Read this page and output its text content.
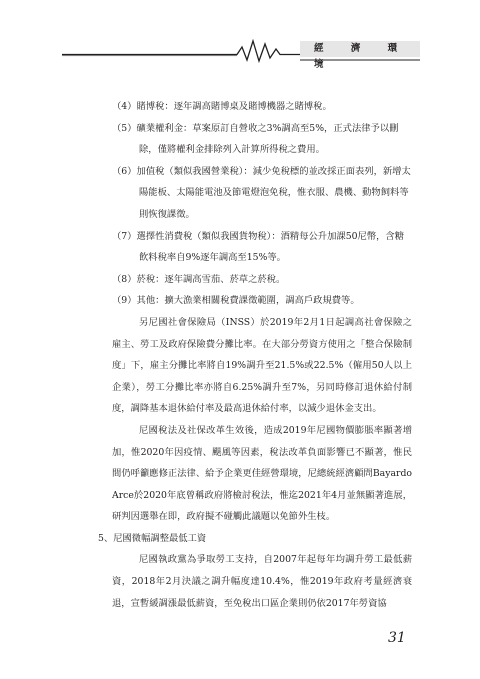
經 濟 環 境

（4）賭博稅：逐年調高賭博桌及賭博機器之賭博稅。

（5）礦業權利金：草案原訂自營收之3%調高至5%，正式法律予以刪除，僅將權利金排除列入計算所得稅之費用。

（6）加值稅（類似我國營業稅）：減少免稅標的並改採正面表列，新增太陽能板、太陽能電池及節電燈泡免稅，惟衣服、農機、動物飼料等則恢復課徵。

（7）選擇性消費稅（類似我國貨物稅）：酒精每公升加課50尼幣，含糖飲料稅率自9%逐年調高至15%等。

（8）菸稅：逐年調高雪茄、菸草之菸稅。

（9）其他：擴大漁業相關稅費課徵範圍，調高戶政規費等。

另尼國社會保險局（INSS）於2019年2月1日起調高社會保險之雇主、勞工及政府保險費分攤比率。在大部分勞資方使用之「整合保險制度」下，雇主分攤比率將自19%調升至21.5%或22.5%（僱用50人以上企業），勞工分攤比率亦將自6.25%調升至7%，另同時修訂退休給付制度，調降基本退休給付率及最高退休給付率，以減少退休金支出。

尼國稅法及社保改革生效後，造成2019年尼國物價膨脹率顯著增加，惟2020年因疫情、颶風等因素，稅法改革負面影響已不顯著，惟民間仍呼籲應修正法律、給予企業更佳經營環境，尼總統經濟顧問Bayardo Arce於2020年底曾稱政府將檢討稅法，惟迄2021年4月並無顯著進展，研判因選舉在即，政府擬不碰觸此議題以免節外生枝。

5、尼國微幅調整最低工資

尼國執政黨為爭取勞工支持，自2007年起每年均調升勞工最低薪資，2018年2月決議之調升幅度達10.4%，惟2019年政府考量經濟衰退，宣暫緩調漲最低薪資，至免稅出口區企業則仍依2017年勞資協

31
